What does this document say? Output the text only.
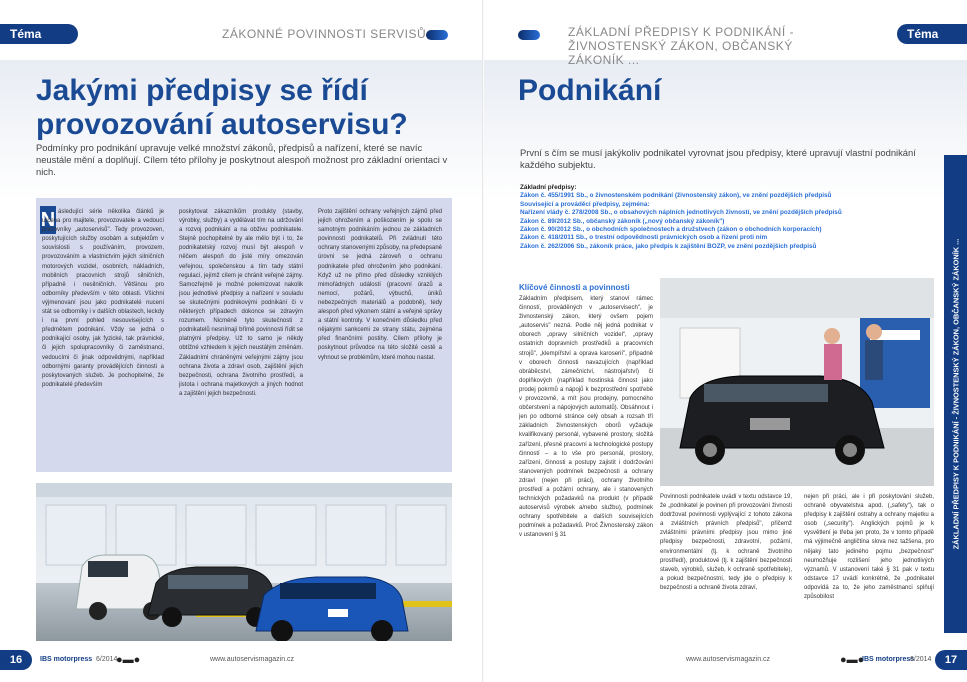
Téma	ZÁKONNÉ POVINNOSTI SERVISŮ
Jakými předpisy se řídí provozování autoservisu?

Podmínky pro podnikání upravuje velké množství zákonů, předpisů a nařízení, které se navíc neustále mění a doplňují. Cílem této přílohy je poskytnout alespoň možnost pro základní orientaci v nich.

N ásledující série několika článků je určena pro majitele, provozovatele a vedoucí pracovníky „autoservisů". Tedy provozoven, poskytujících služby osobám a subjektům v souvislosti s používáním, provozem, provozováním a vlastnictvím jejich silničních motorových vozidel, osobních, nákladních, mobilních pracovních strojů silničních, případně i nesilničních. Většinou pro odborníky především v této oblasti. Všichni výjmenovaní jsou jako podnikatelé nucení stát se odborníky i v dalších oblastech, leckdy i na první pohled nesouvisejících s předmětem podnikání. Vždy se jedná o podnikající osoby, jak fyzické, tak právnické, či jejich spolupracovníky či zaměstnanci, vedoucími či jinak odpovědnými, například odbornými garanty provádějících činnosti a poskytovaných služeb. Je pochopitelné, že podnikatelé především
poskytovat zákazníkům produkty (stavby, výrobky, služby) a vydělávat tím na udržování a rozvoj podnikání a na obživu podnikatele. Stejně pochopitelné by ale mělo být i to, že podnikatelský rozvoj musí být alespoň v něčem alespoň do jisté míry omezován veřejnou, společenskou a tím tady státní regulací, jejímž cílem je chránit veřejné zájmy. Samozřejmě je možné polemizovat nakolik jsou jednotlivé předpisy a nařízení v souladu se skutečnými podnikovými podnikání či v některých případech dokonce se zdravým rozumem. Nicméně tyto skutečnosti z podnikatelů nesnímají břímě povinnosti řídit se platnými předpisy. Už to samo je někdy obtížné vzhledem k jejich neustálým změnám. Základními chráněnými veřejnými zájmy jsou ochrana života a zdraví osob, zajištění jejich bezpečnosti, ochrana životního prostředí, a jistota i ochrana majetkových a jiných hodnot a zajištění jejich bezpečnosti.
Proto zajištění ochrany veřejných zájmů před jejich ohrožením a poškozením je spolu se samotným podnikáním jednou ze základních povinností podnikatelů. Při zvládnutí této ochrany stanovenými způsoby, na předepsané úrovni se jedná zároveň o ochranu podnikatele před ohrožením jeho podnikání. Když už ne přímo před důsledky vzniklých mimořádných událostí (pracovní úrazů a nemocí, požárů, výbuchů, úniků nebezpečných materiálů a podobně), tedy alespoň před výkonem státní a veřejné správy a státní kontroly. V konečném důsledku před nějakými sankcemi ze strany státu, zejména před finančními postihy. Cílem přílohy je poskytnout průvodce na této složité cestě a vyhnout se problémům, které mohou nastat.
16	IBS motorpress 6/2014
●▬●	www.autoservismagazin.cz
ZÁKLADNÍ PŘEDPISY K PODNIKÁNÍ - ŽIVNOSTENSKÝ ZÁKON, OBČANSKÝ ZÁKONÍK ...
Téma
Podnikání

První s čím se musí jakýkoliv podnikatel vyrovnat jsou předpisy, které upravují vlastní podnikání každého subjektu.

Základní předpisy:
Zákon č. 455/1991 Sb., o živnostenském podnikání (živnostenský zákon), ve znění pozdějších předpisů
Související a prováděcí předpisy, zejména:
Nařízení vlády č. 278/2008 Sb., o obsahových náplních jednotlivých živností, ve znění pozdějších předpisů
Zákon č. 89/2012 Sb., občanský zákoník („nový občanský zákoník")
Zákon č. 90/2012 Sb., o obchodních společnostech a družstvech (zákon o obchodních korporacích)
Zákon č. 418/2011 Sb., o trestní odpovědnosti právnických osob a řízení proti nim
Zákon č. 262/2006 Sb., zákoník práce, jako předpis k zajištění BOZP, ve znění pozdějších předpisů
Klíčové činnosti a povinnosti
Základním předpisem, který stanoví rámec činností, prováděných v „autoservisech", je živnostenský zákon, který ovšem pojem „autoservis" nezná. Podle něj jedná podnikat v oborech „opravy silničních vozidel", „opravy ostatních dopravních prostředků a pracovních strojů", „klempířství a oprava karoserií", případně v oborech činnosti navazujících (například obráběcství, zámečnictví, nástrojařství) či doplňkových (například hostinská činnost jako prodej pokrmů a nápojů k bezprostřední spotřebě v provozovně, a mít jsou prodejny, pomocného občerstvení a nápojových automatů). Obsáhnout i jen po odborné stránce celý obsah a rozsah tří základních živnostenských oborů vyžaduje kvalifikovaný personál, vybavené prostory, složitá zařízení, přesné pracovní a technologické postupy činností – a to vše pro personál, prostory, zařízení, činnosti a postupy zajistit i dodržování stanovených podmínek bezpečnosti a ochrany zdraví (nejen při práci), ochrany životního prostředí a požární ochrany, ale i stanovených technických požadavků na produkt (v případě autoservisů výrobek a/nebo službu), podmínek ochrany spotřebitele a dalších souvisejících podmínek a požadavků. Proč Živnostenský zákon v ustanovení § 31
Povinnosti podnikatele uvádí v textu odstavce 19, že „podnikatel je povinen při provozování živnosti dodržovat povinnosti vyplývající z tohoto zákona a zvláštních právních předpisů", přičemž zvláštními právními předpisy jsou mimo jiné předpisy bezpečnosti, zdravotní, požární, environmentální (tj. k ochraně životního prostředí), produktové (tj. k zajištění bezpečnosti staveb, výrobků, služeb, k ochraně spotřebitele), a pokud bezpečnostní, tedy jde o předpisy k bezpečnosti a ochraně života zdraví,
nejen při práci, ale i při poskytování služeb, ochraně obyvatelstva apod. („safety"), tak o předpisy k zajištění ostrahy a ochrany majetku a osob („security"). Anglických pojmů je k vysvětlení je třeba jen proto, že v tomto případě má výjimečně angličtina slova nez tažšena, pro nějaký tato jediného pojmu „bezpečnost" neumožňuje rozlišení jeho jednotlivých významů. V ustanovení také § 31 pak v textu odstavce 17 uvádí konkrétně, že „podnikatel odpovídá za to, že jeho zaměstnanci splňují způsobilost
ZÁKLADNÍ PŘEDPISY K PODNIKÁNÍ - ŽIVNOSTENSKÝ ZÁKON, OBČANSKÝ ZÁKONÍK ...
www.autoservismagazin.cz	●▬●
IBS motorpress
6/2014	17
